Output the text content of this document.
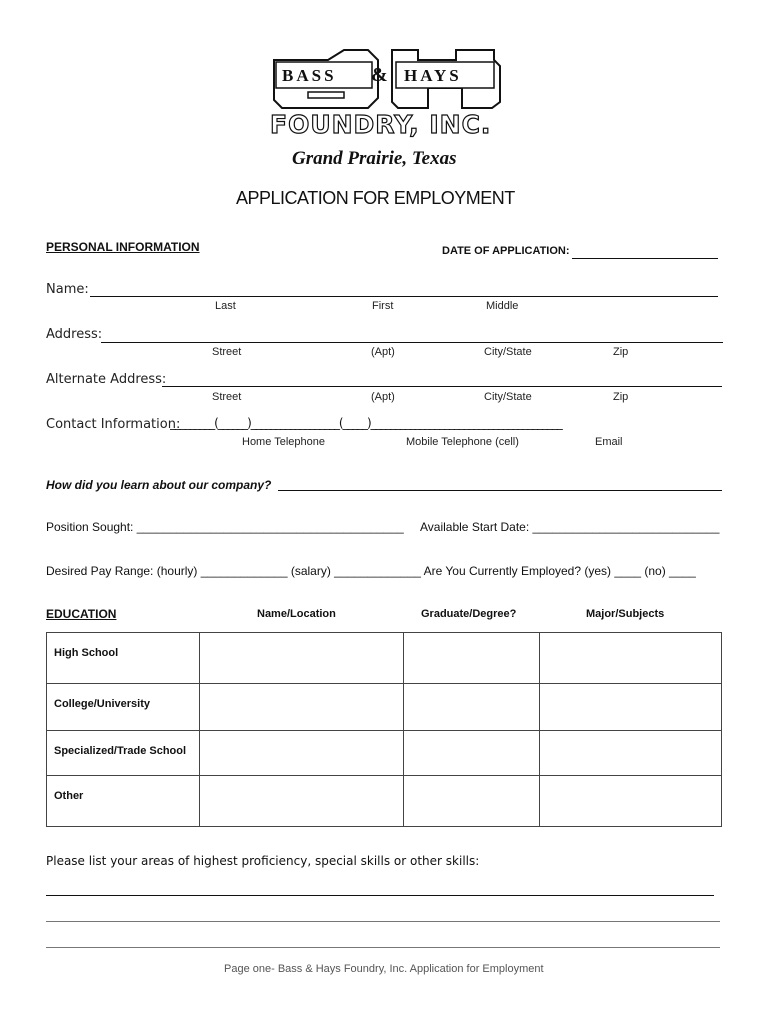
BASS & HAYS
FOUNDRY, INC.
Grand Prairie, Texas
APPLICATION FOR EMPLOYMENT
PERSONAL INFORMATION	DATE OF APPLICATION:
Name:
Last	First	Middle
Address:
Street	(Apt)	City/State	Zip
Alternate Address:
Street	(Apt)	City/State	Zip
Contact Information:
_________(______)__________________(_____)_______________________________________
Home Telephone	Mobile Telephone (cell)	Email
How did you learn about our company?
Position Sought: ________________________________________ Available Start Date: ____________________________
Desired Pay Range: (hourly) _____________ (salary) _____________ Are You Currently Employed? (yes) ____ (no) ____
EDUCATION	Name/Location	Graduate/Degree?	Major/Subjects
High School			
College/University			
Specialized/Trade School			
Other			
Please list your areas of highest proficiency, special skills or other skills:
Page one- Bass & Hays Foundry, Inc. Application for Employment
